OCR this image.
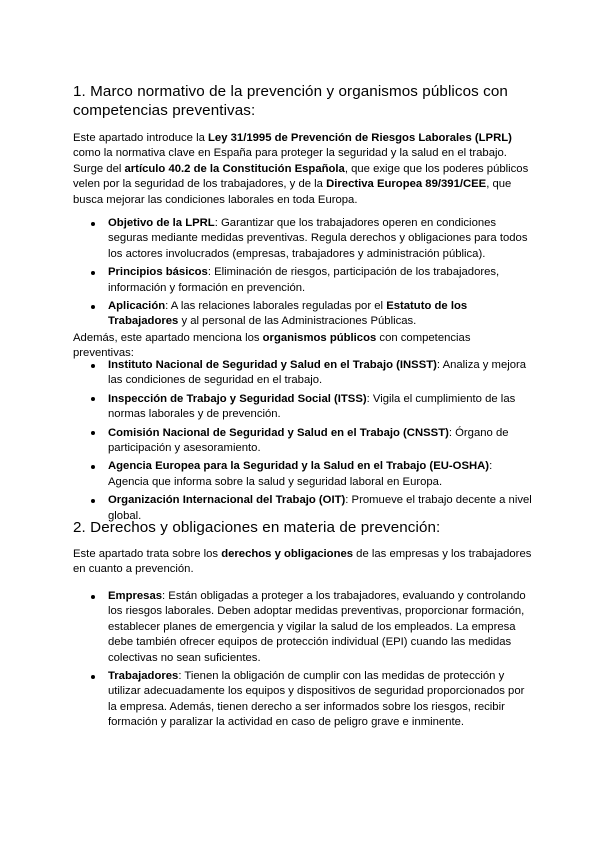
1. Marco normativo de la prevención y organismos públicos con competencias preventivas:

Este apartado introduce la Ley 31/1995 de Prevención de Riesgos Laborales (LPRL) como la normativa clave en España para proteger la seguridad y la salud en el trabajo. Surge del artículo 40.2 de la Constitución Española, que exige que los poderes públicos velen por la seguridad de los trabajadores, y de la Directiva Europea 89/391/CEE, que busca mejorar las condiciones laborales en toda Europa.

Objetivo de la LPRL: Garantizar que los trabajadores operen en condiciones seguras mediante medidas preventivas. Regula derechos y obligaciones para todos los actores involucrados (empresas, trabajadores y administración pública).
Principios básicos: Eliminación de riesgos, participación de los trabajadores, información y formación en prevención.
Aplicación: A las relaciones laborales reguladas por el Estatuto de los Trabajadores y al personal de las Administraciones Públicas.

Además, este apartado menciona los organismos públicos con competencias preventivas:

Instituto Nacional de Seguridad y Salud en el Trabajo (INSST): Analiza y mejora las condiciones de seguridad en el trabajo.
Inspección de Trabajo y Seguridad Social (ITSS): Vigila el cumplimiento de las normas laborales y de prevención.
Comisión Nacional de Seguridad y Salud en el Trabajo (CNSST): Órgano de participación y asesoramiento.
Agencia Europea para la Seguridad y la Salud en el Trabajo (EU-OSHA): Agencia que informa sobre la salud y seguridad laboral en Europa.
Organización Internacional del Trabajo (OIT): Promueve el trabajo decente a nivel global.
2. Derechos y obligaciones en materia de prevención:

Este apartado trata sobre los derechos y obligaciones de las empresas y los trabajadores en cuanto a prevención.

Empresas: Están obligadas a proteger a los trabajadores, evaluando y controlando los riesgos laborales. Deben adoptar medidas preventivas, proporcionar formación, establecer planes de emergencia y vigilar la salud de los empleados. La empresa debe también ofrecer equipos de protección individual (EPI) cuando las medidas colectivas no sean suficientes.
Trabajadores: Tienen la obligación de cumplir con las medidas de protección y utilizar adecuadamente los equipos y dispositivos de seguridad proporcionados por la empresa. Además, tienen derecho a ser informados sobre los riesgos, recibir formación y paralizar la actividad en caso de peligro grave e inminente.
